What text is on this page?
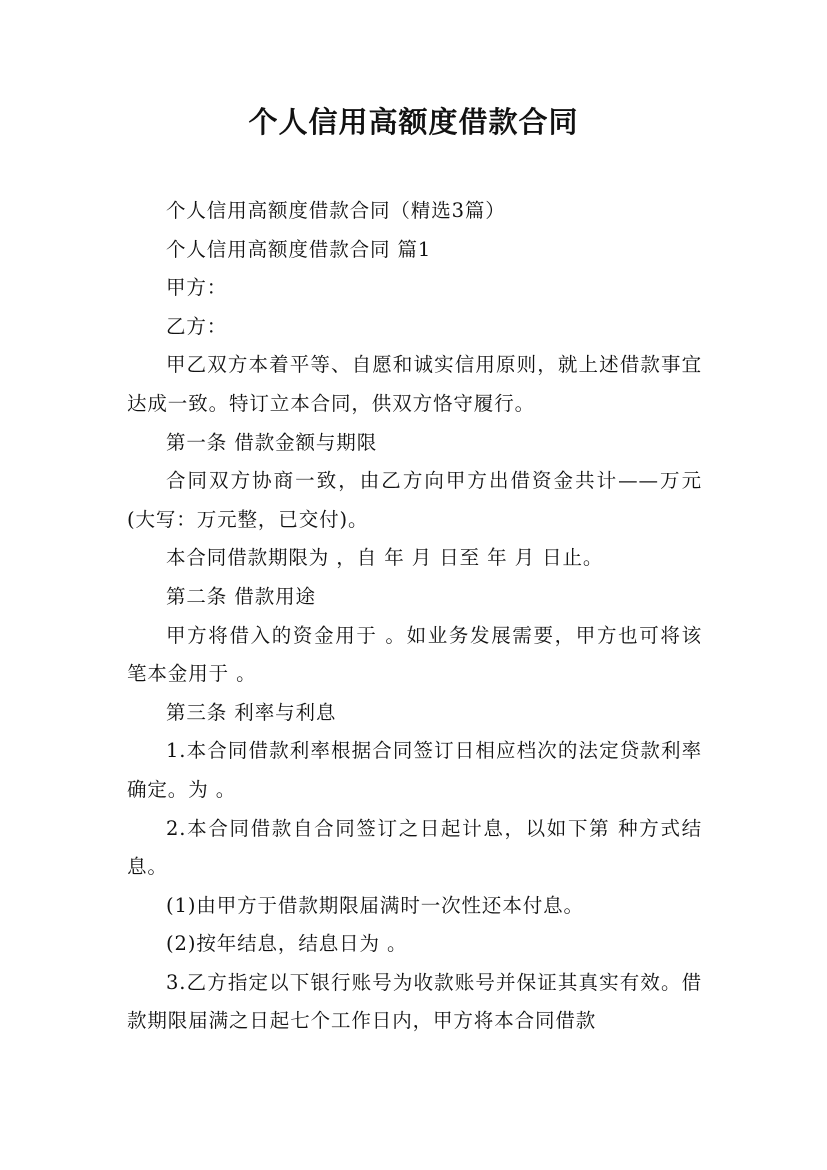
个人信用高额度借款合同

个人信用高额度借款合同（精选3篇）

个人信用高额度借款合同 篇1

甲方：

乙方：

甲乙双方本着平等、自愿和诚实信用原则，就上述借款事宜达成一致。特订立本合同，供双方恪守履行。

第一条 借款金额与期限

合同双方协商一致，由乙方向甲方出借资金共计——万元(大写：万元整，已交付)。

本合同借款期限为 ，自 年 月 日至 年 月 日止。

第二条 借款用途

甲方将借入的资金用于 。如业务发展需要，甲方也可将该笔本金用于 。

第三条 利率与利息

1.本合同借款利率根据合同签订日相应档次的法定贷款利率确定。为 。

2.本合同借款自合同签订之日起计息，以如下第 种方式结息。

(1)由甲方于借款期限届满时一次性还本付息。

(2)按年结息，结息日为 。

3.乙方指定以下银行账号为收款账号并保证其真实有效。借款期限届满之日起七个工作日内，甲方将本合同借款
